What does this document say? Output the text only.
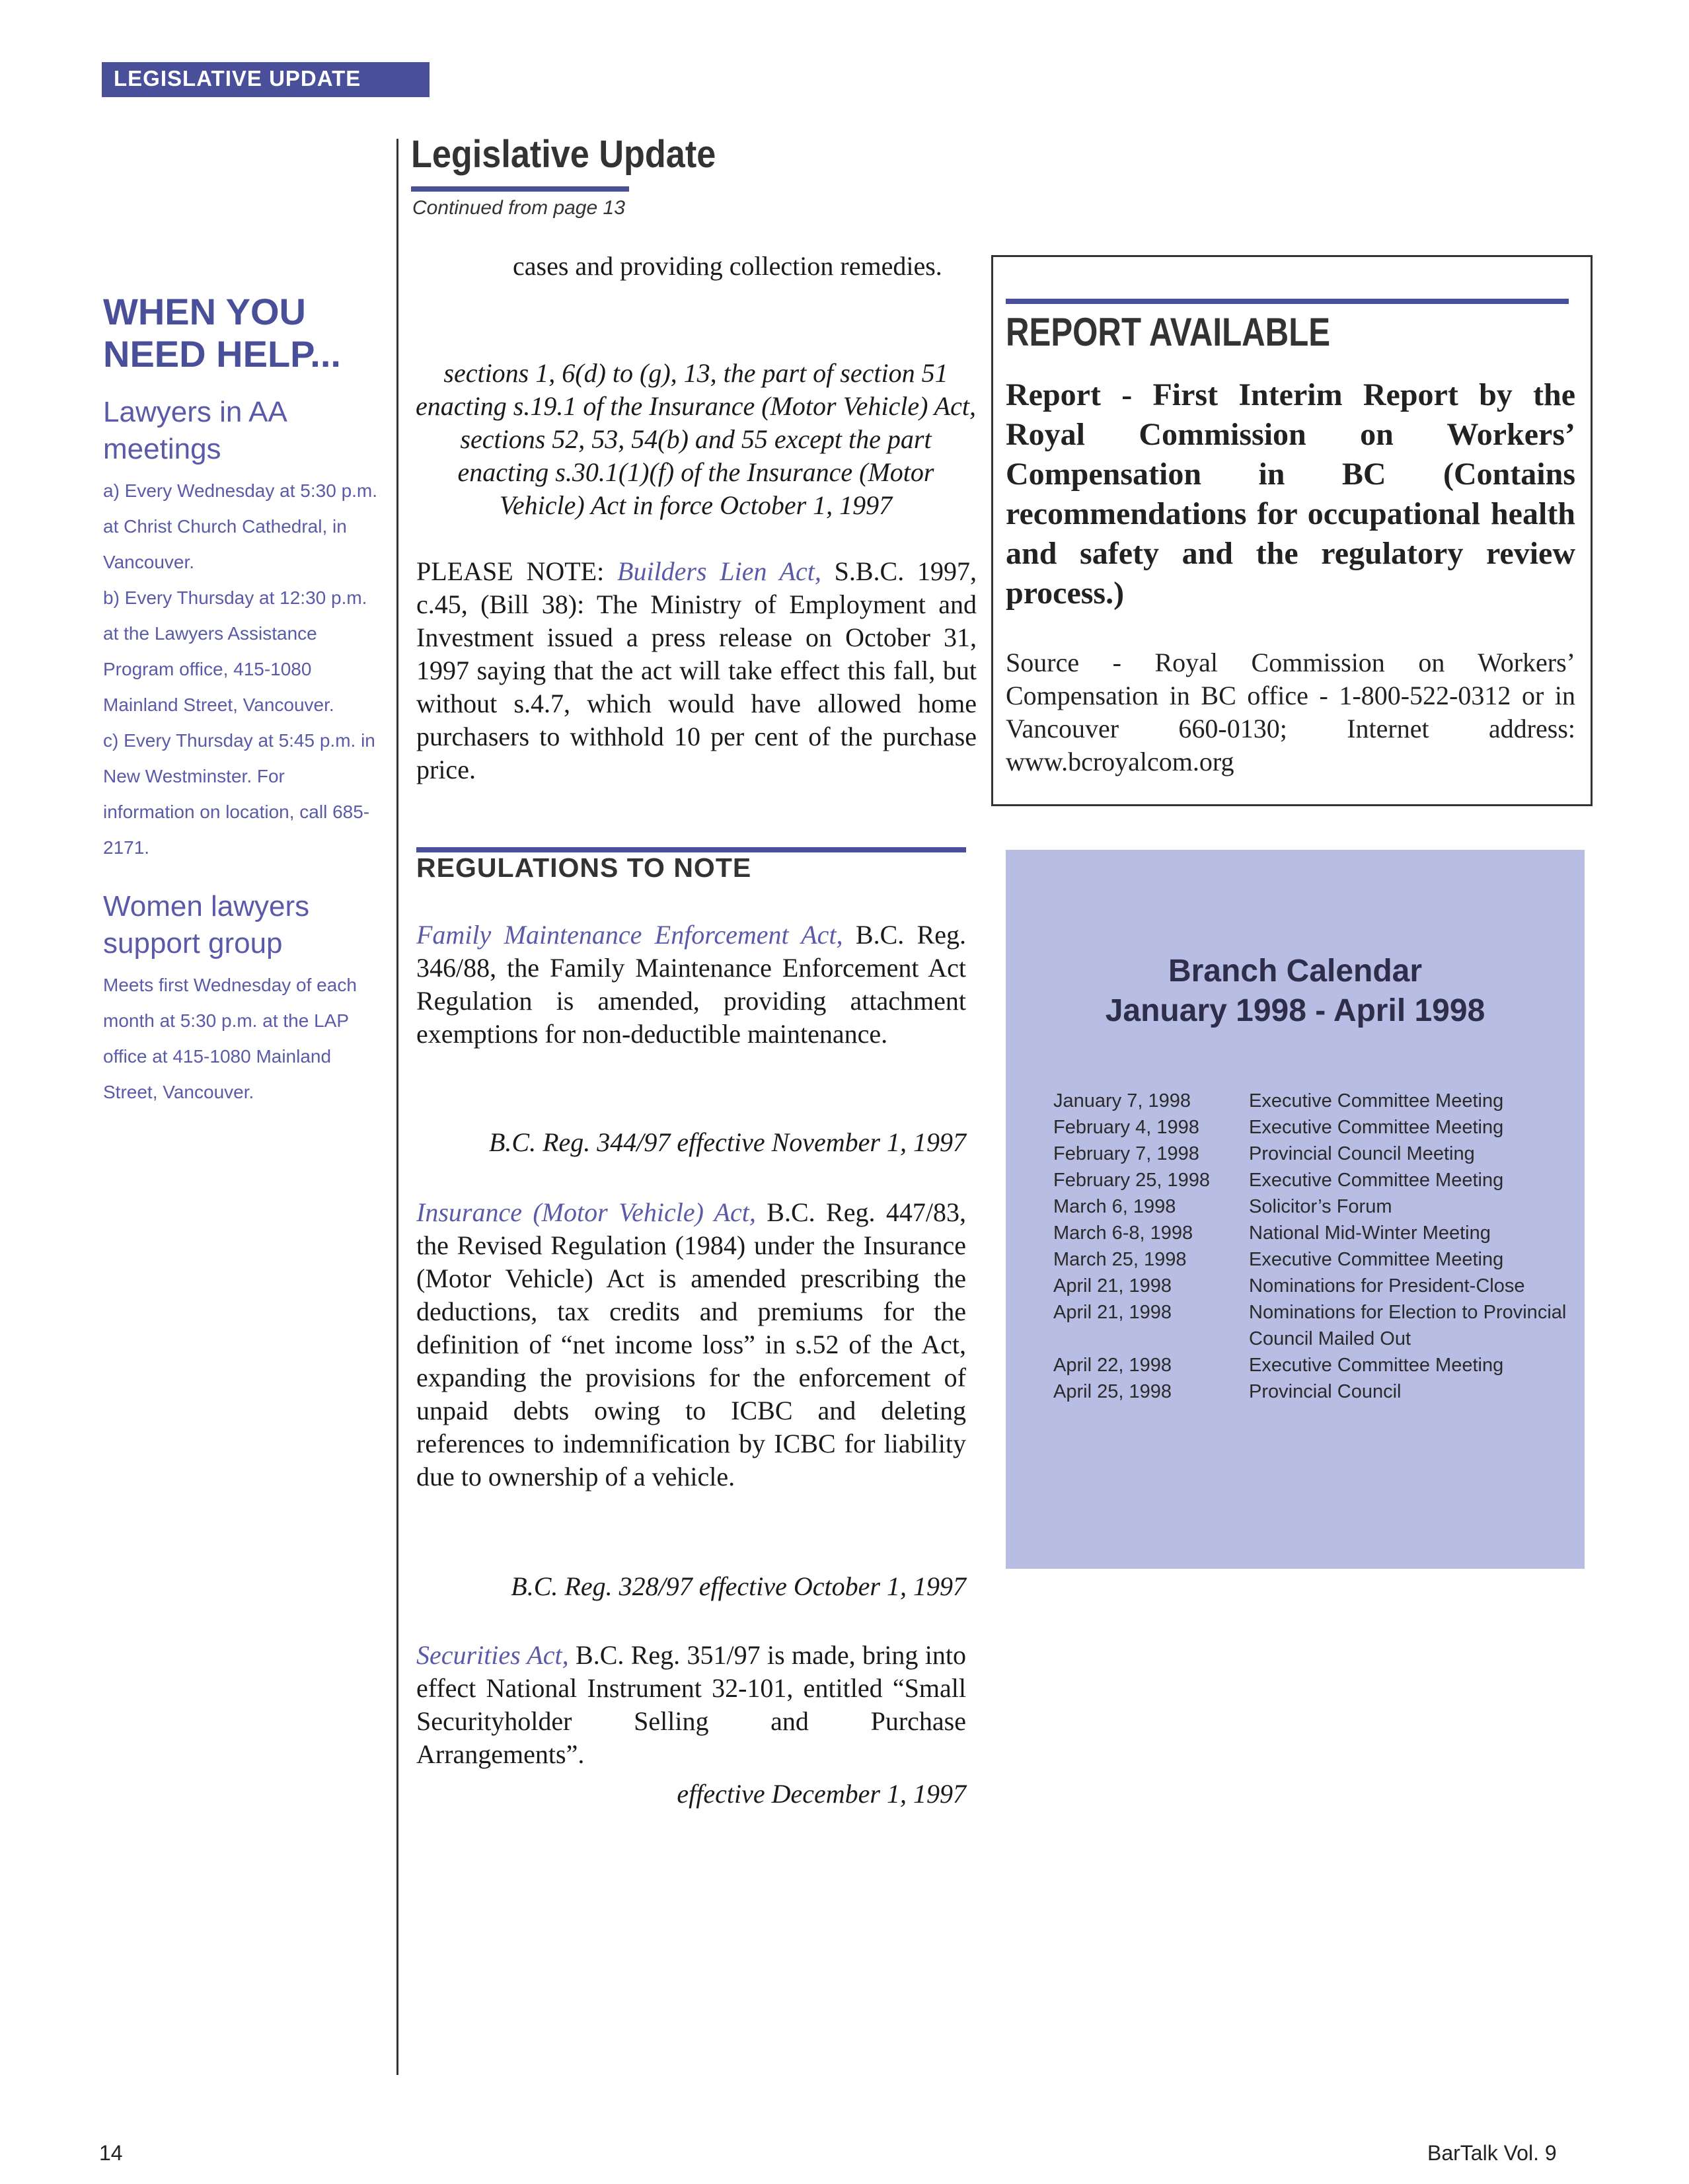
LEGISLATIVE UPDATE
Legislative Update
Continued from page 13
WHEN YOU NEED HELP...
Lawyers in AA meetings

a) Every Wednesday at 5:30 p.m. at Christ Church Cathedral, in Vancouver.

b) Every Thursday at 12:30 p.m. at the Lawyers Assistance Program office, 415-1080 Mainland Street, Vancouver.

c) Every Thursday at 5:45 p.m. in New Westminster. For information on location, call 685-2171.

Women lawyers support group

Meets first Wednesday of each month at 5:30 p.m. at the LAP office at 415-1080 Mainland Street, Vancouver.

cases and providing collection remedies.

sections 1, 6(d) to (g), 13, the part of section 51 enacting s.19.1 of the Insurance (Motor Vehicle) Act, sections 52, 53, 54(b) and 55 except the part enacting s.30.1(1)(f) of the Insurance (Motor Vehicle) Act in force October 1, 1997

PLEASE NOTE: Builders Lien Act, S.B.C. 1997, c.45, (Bill 38): The Ministry of Employment and Investment issued a press release on October 31, 1997 saying that the act will take effect this fall, but without s.4.7, which would have allowed home purchasers to withhold 10 per cent of the purchase price.

REGULATIONS TO NOTE

Family Maintenance Enforcement Act, B.C. Reg. 346/88, the Family Maintenance Enforcement Act Regulation is amended, providing attachment exemptions for non-deductible maintenance.

B.C. Reg. 344/97 effective November 1, 1997

Insurance (Motor Vehicle) Act, B.C. Reg. 447/83, the Revised Regulation (1984) under the Insurance (Motor Vehicle) Act is amended prescribing the deductions, tax credits and premiums for the definition of “net income loss” in s.52 of the Act, expanding the provisions for the enforcement of unpaid debts owing to ICBC and deleting references to indemnification by ICBC for liability due to ownership of a vehicle.

B.C. Reg. 328/97 effective October 1, 1997

Securities Act, B.C. Reg. 351/97 is made, bring into effect National Instrument 32-101, entitled “Small Securityholder Selling and Purchase Arrangements”.

effective December 1, 1997

REPORT AVAILABLE

Report - First Interim Report by the Royal Commission on Workers’ Compensation in BC (Contains recommendations for occupational health and safety and the regulatory review process.)

Source - Royal Commission on Workers’ Compensation in BC office - 1-800-522-0312 or in Vancouver 660-0130; Internet address: www.bcroyalcom.org

Branch Calendar
January 1998 - April 1998
January 7, 1998	Executive Committee Meeting
February 4, 1998	Executive Committee Meeting
February 7, 1998	Provincial Council Meeting
February 25, 1998	Executive Committee Meeting
March 6, 1998	Solicitor’s Forum
March 6-8, 1998	National Mid-Winter Meeting
March 25, 1998	Executive Committee Meeting
April 21, 1998	Nominations for President-Close
April 21, 1998	Nominations for Election to Provincial Council Mailed Out
April 22, 1998	Executive Committee Meeting
April 25, 1998	Provincial Council
14	BarTalk Vol. 9
